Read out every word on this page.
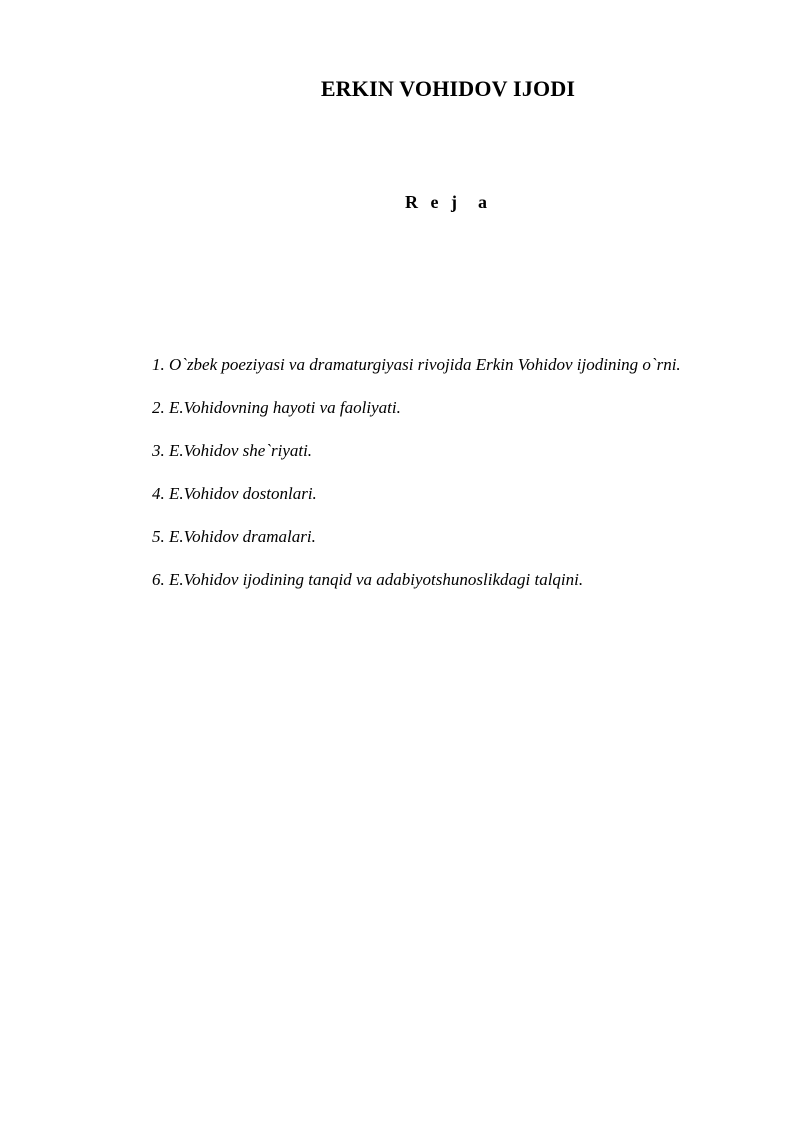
ERKIN VOHIDOV IJODI
R e j  a
1. O`zbek poeziyasi va dramaturgiyasi rivojida Erkin Vohidov ijodining o`rni.
2. E.Vohidovning hayoti va faoliyati.
3. E.Vohidov she`riyati.
4. E.Vohidov dostonlari.
5. E.Vohidov dramalari.
6. E.Vohidov ijodining tanqid va adabiyotshunoslikdagi talqini.
